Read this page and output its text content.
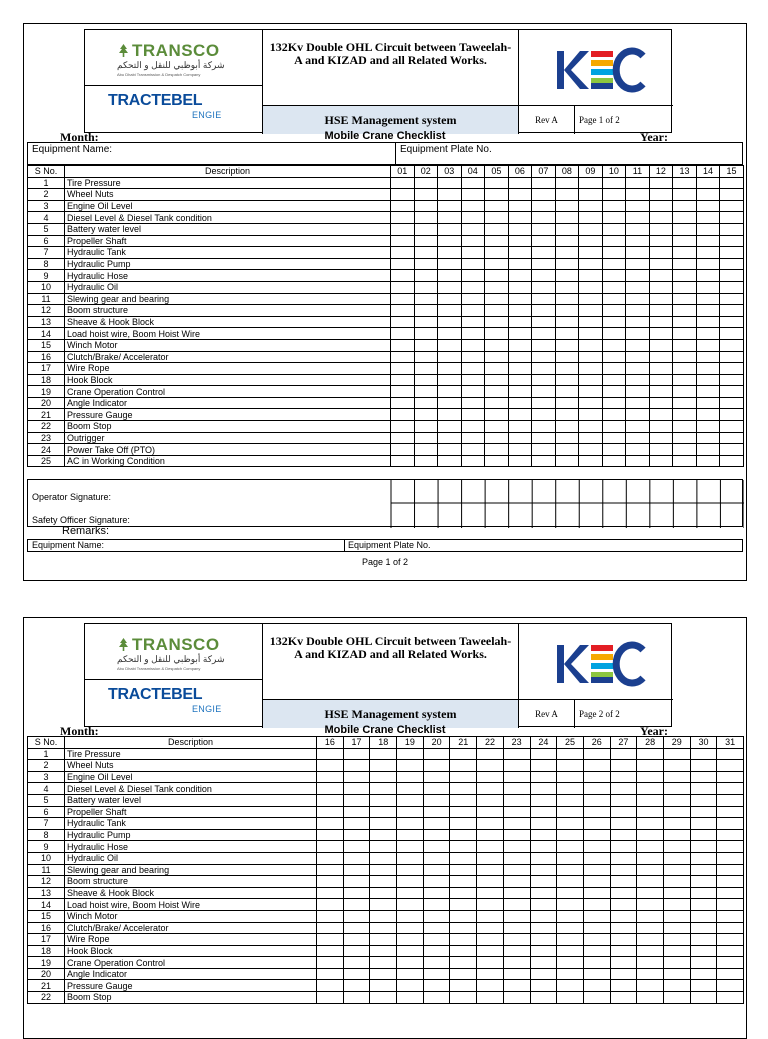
TRANSCO
شركة أبوظبي للنقل و التحكم
Abu Dhabi Transmission & Despatch Company
TRACTEBEL
ENGIE
132Kv Double OHL Circuit between Taweelah-
A and KIZAD and all Related Works.
HSE Management system	Rev A	Page 1 of 2
Month:	Mobile Crane Checklist	Year:
Equipment Name:	Equipment Plate No.
S No.	Description	01	02	03	04	05	06	07	08	09	10	11	12	13	14	15
1	Tire Pressure															
2	Wheel Nuts															
3	Engine Oil Level															
4	Diesel Level & Diesel Tank condition															
5	Battery water level															
6	Propeller Shaft															
7	Hydraulic Tank															
8	Hydraulic Pump															
9	Hydraulic Hose															
10	Hydraulic Oil															
11	Slewing gear and bearing															
12	Boom structure															
13	Sheave & Hook Block															
14	Load hoist wire, Boom Hoist Wire															
15	Winch Motor															
16	Clutch/Brake/ Accelerator															
17	Wire Rope															
18	Hook Block															
19	Crane Operation Control															
20	Angle Indicator															
21	Pressure Gauge															
22	Boom Stop															
23	Outrigger															
24	Power Take Off (PTO)															
25	AC in Working Condition															
Operator Signature:
Safety Officer Signature:
Remarks:
Equipment Name:	Equipment Plate No.
Page 1 of 2
TRANSCO
شركة أبوظبي للنقل و التحكم
Abu Dhabi Transmission & Despatch Company
TRACTEBEL
ENGIE
132Kv Double OHL Circuit between Taweelah-
A and KIZAD and all Related Works.
HSE Management system	Rev A	Page 2 of 2
Month:	Mobile Crane Checklist	Year:
S No.	Description	16	17	18	19	20	21	22	23	24	25	26	27	28	29	30	31
1	Tire Pressure																
2	Wheel Nuts																
3	Engine Oil Level																
4	Diesel Level & Diesel Tank condition																
5	Battery water level																
6	Propeller Shaft																
7	Hydraulic Tank																
8	Hydraulic Pump																
9	Hydraulic Hose																
10	Hydraulic Oil																
11	Slewing gear and bearing																
12	Boom structure																
13	Sheave & Hook Block																
14	Load hoist wire, Boom Hoist Wire																
15	Winch Motor																
16	Clutch/Brake/ Accelerator																
17	Wire Rope																
18	Hook Block																
19	Crane Operation Control																
20	Angle Indicator																
21	Pressure Gauge																
22	Boom Stop																
